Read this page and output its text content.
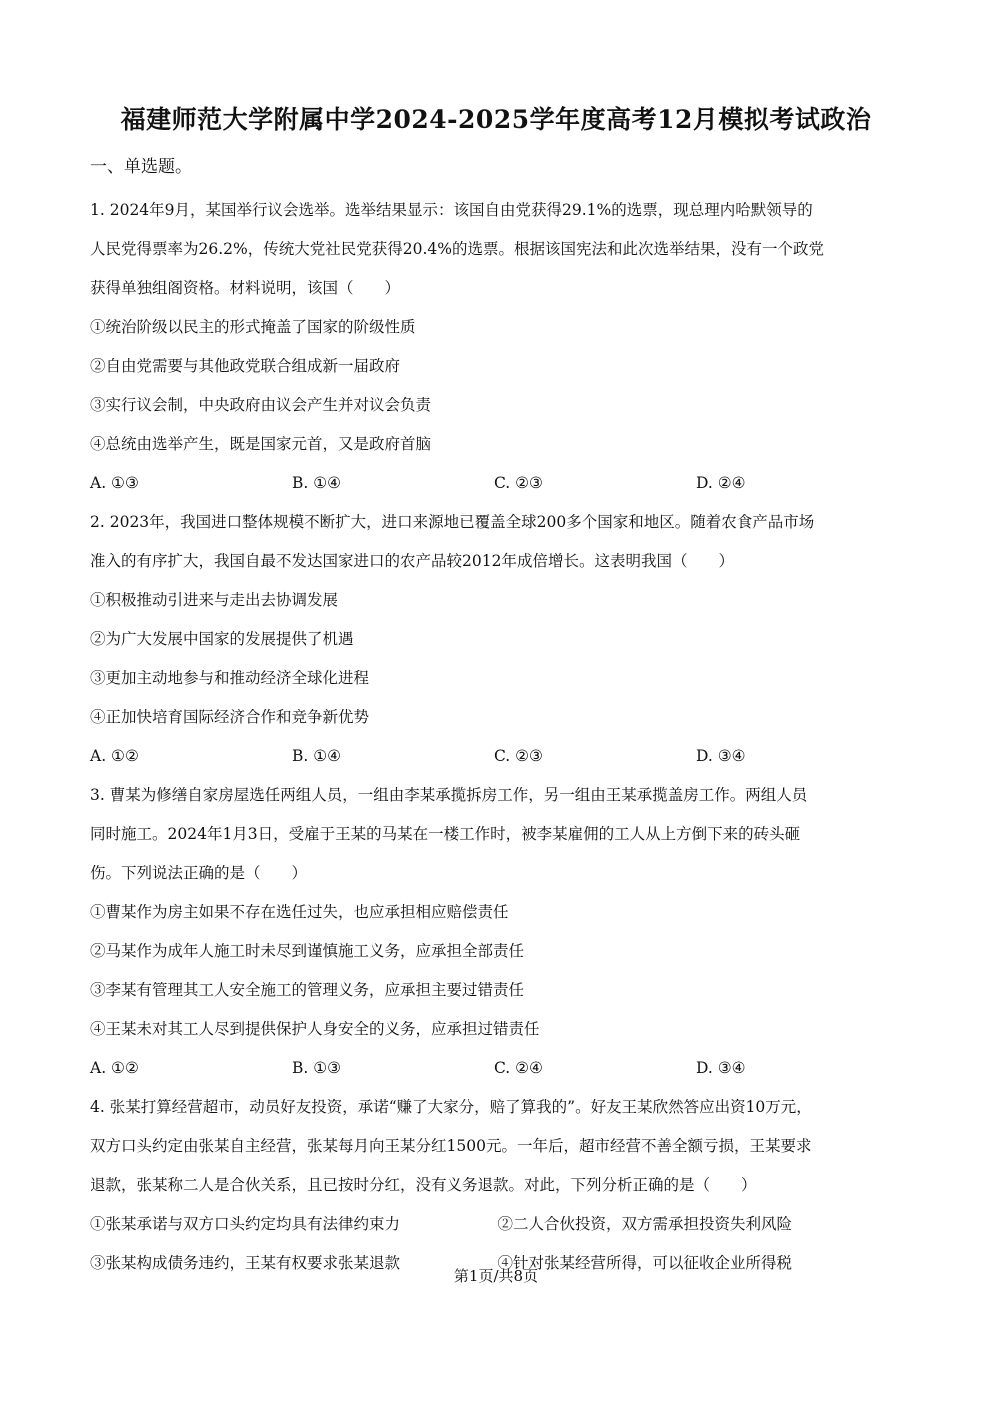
福建师范大学附属中学2024-2025学年度高考12月模拟考试政治
一、单选题。
1. 2024年9月，某国举行议会选举。选举结果显示：该国自由党获得29.1%的选票，现总理内哈默领导的
人民党得票率为26.2%，传统大党社民党获得20.4%的选票。根据该国宪法和此次选举结果，没有一个政党
获得单独组阁资格。材料说明，该国（　　）
①统治阶级以民主的形式掩盖了国家的阶级性质
②自由党需要与其他政党联合组成新一届政府
③实行议会制，中央政府由议会产生并对议会负责
④总统由选举产生，既是国家元首，又是政府首脑
A. ①③	B. ①④	C. ②③	D. ②④
2. 2023年，我国进口整体规模不断扩大，进口来源地已覆盖全球200多个国家和地区。随着农食产品市场
准入的有序扩大，我国自最不发达国家进口的农产品较2012年成倍增长。这表明我国（　　）
①积极推动引进来与走出去协调发展
②为广大发展中国家的发展提供了机遇
③更加主动地参与和推动经济全球化进程
④正加快培育国际经济合作和竞争新优势
A. ①②	B. ①④	C. ②③	D. ③④
3. 曹某为修缮自家房屋选任两组人员，一组由李某承揽拆房工作，另一组由王某承揽盖房工作。两组人员
同时施工。2024年1月3日，受雇于王某的马某在一楼工作时，被李某雇佣的工人从上方倒下来的砖头砸
伤。下列说法正确的是（　　）
①曹某作为房主如果不存在选任过失，也应承担相应赔偿责任
②马某作为成年人施工时未尽到谨慎施工义务，应承担全部责任
③李某有管理其工人安全施工的管理义务，应承担主要过错责任
④王某未对其工人尽到提供保护人身安全的义务，应承担过错责任
A. ①②	B. ①③	C. ②④	D. ③④
4. 张某打算经营超市，动员好友投资，承诺“赚了大家分，赔了算我的”。好友王某欣然答应出资10万元，
双方口头约定由张某自主经营，张某每月向王某分红1500元。一年后，超市经营不善全额亏损，王某要求
退款，张某称二人是合伙关系，且已按时分红，没有义务退款。对此，下列分析正确的是（　　）
①张某承诺与双方口头约定均具有法律约束力	②二人合伙投资，双方需承担投资失利风险
③张某构成债务违约，王某有权要求张某退款	④针对张某经营所得，可以征收企业所得税
第1页/共8页
